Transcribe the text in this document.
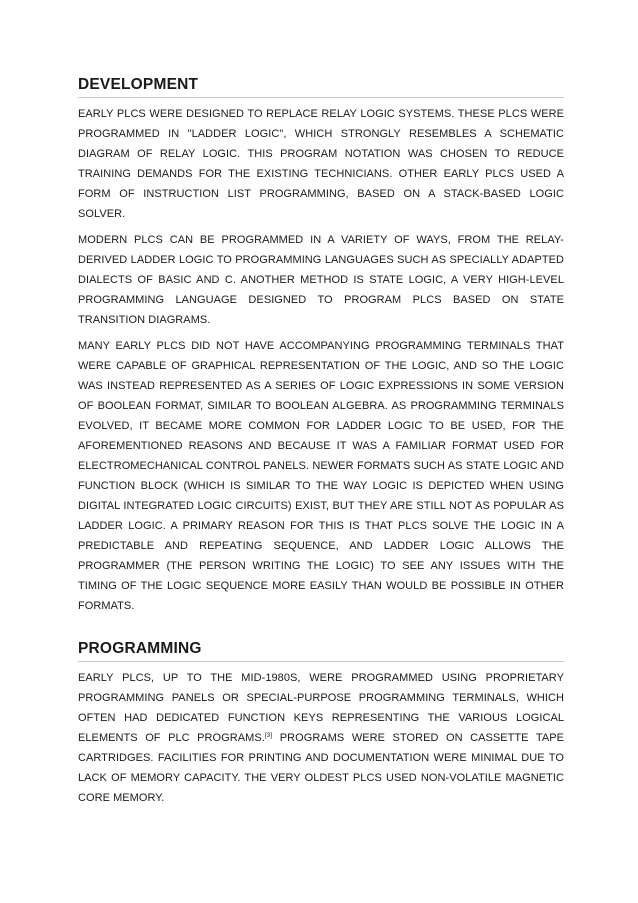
DEVELOPMENT

EARLY PLCS WERE DESIGNED TO REPLACE RELAY LOGIC SYSTEMS. THESE PLCS WERE PROGRAMMED IN "LADDER LOGIC", WHICH STRONGLY RESEMBLES A SCHEMATIC DIAGRAM OF RELAY LOGIC. THIS PROGRAM NOTATION WAS CHOSEN TO REDUCE TRAINING DEMANDS FOR THE EXISTING TECHNICIANS. OTHER EARLY PLCS USED A FORM OF INSTRUCTION LIST PROGRAMMING, BASED ON A STACK-BASED LOGIC SOLVER.

MODERN PLCS CAN BE PROGRAMMED IN A VARIETY OF WAYS, FROM THE RELAY-DERIVED LADDER LOGIC TO PROGRAMMING LANGUAGES SUCH AS SPECIALLY ADAPTED DIALECTS OF BASIC AND C. ANOTHER METHOD IS STATE LOGIC, A VERY HIGH-LEVEL PROGRAMMING LANGUAGE DESIGNED TO PROGRAM PLCS BASED ON STATE TRANSITION DIAGRAMS.

MANY EARLY PLCS DID NOT HAVE ACCOMPANYING PROGRAMMING TERMINALS THAT WERE CAPABLE OF GRAPHICAL REPRESENTATION OF THE LOGIC, AND SO THE LOGIC WAS INSTEAD REPRESENTED AS A SERIES OF LOGIC EXPRESSIONS IN SOME VERSION OF BOOLEAN FORMAT, SIMILAR TO BOOLEAN ALGEBRA. AS PROGRAMMING TERMINALS EVOLVED, IT BECAME MORE COMMON FOR LADDER LOGIC TO BE USED, FOR THE AFOREMENTIONED REASONS AND BECAUSE IT WAS A FAMILIAR FORMAT USED FOR ELECTROMECHANICAL CONTROL PANELS. NEWER FORMATS SUCH AS STATE LOGIC AND FUNCTION BLOCK (WHICH IS SIMILAR TO THE WAY LOGIC IS DEPICTED WHEN USING DIGITAL INTEGRATED LOGIC CIRCUITS) EXIST, BUT THEY ARE STILL NOT AS POPULAR AS LADDER LOGIC. A PRIMARY REASON FOR THIS IS THAT PLCS SOLVE THE LOGIC IN A PREDICTABLE AND REPEATING SEQUENCE, AND LADDER LOGIC ALLOWS THE PROGRAMMER (THE PERSON WRITING THE LOGIC) TO SEE ANY ISSUES WITH THE TIMING OF THE LOGIC SEQUENCE MORE EASILY THAN WOULD BE POSSIBLE IN OTHER FORMATS.

PROGRAMMING

EARLY PLCS, UP TO THE MID-1980S, WERE PROGRAMMED USING PROPRIETARY PROGRAMMING PANELS OR SPECIAL-PURPOSE PROGRAMMING TERMINALS, WHICH OFTEN HAD DEDICATED FUNCTION KEYS REPRESENTING THE VARIOUS LOGICAL ELEMENTS OF PLC PROGRAMS.[3] PROGRAMS WERE STORED ON CASSETTE TAPE CARTRIDGES. FACILITIES FOR PRINTING AND DOCUMENTATION WERE MINIMAL DUE TO LACK OF MEMORY CAPACITY. THE VERY OLDEST PLCS USED NON-VOLATILE MAGNETIC CORE MEMORY.
